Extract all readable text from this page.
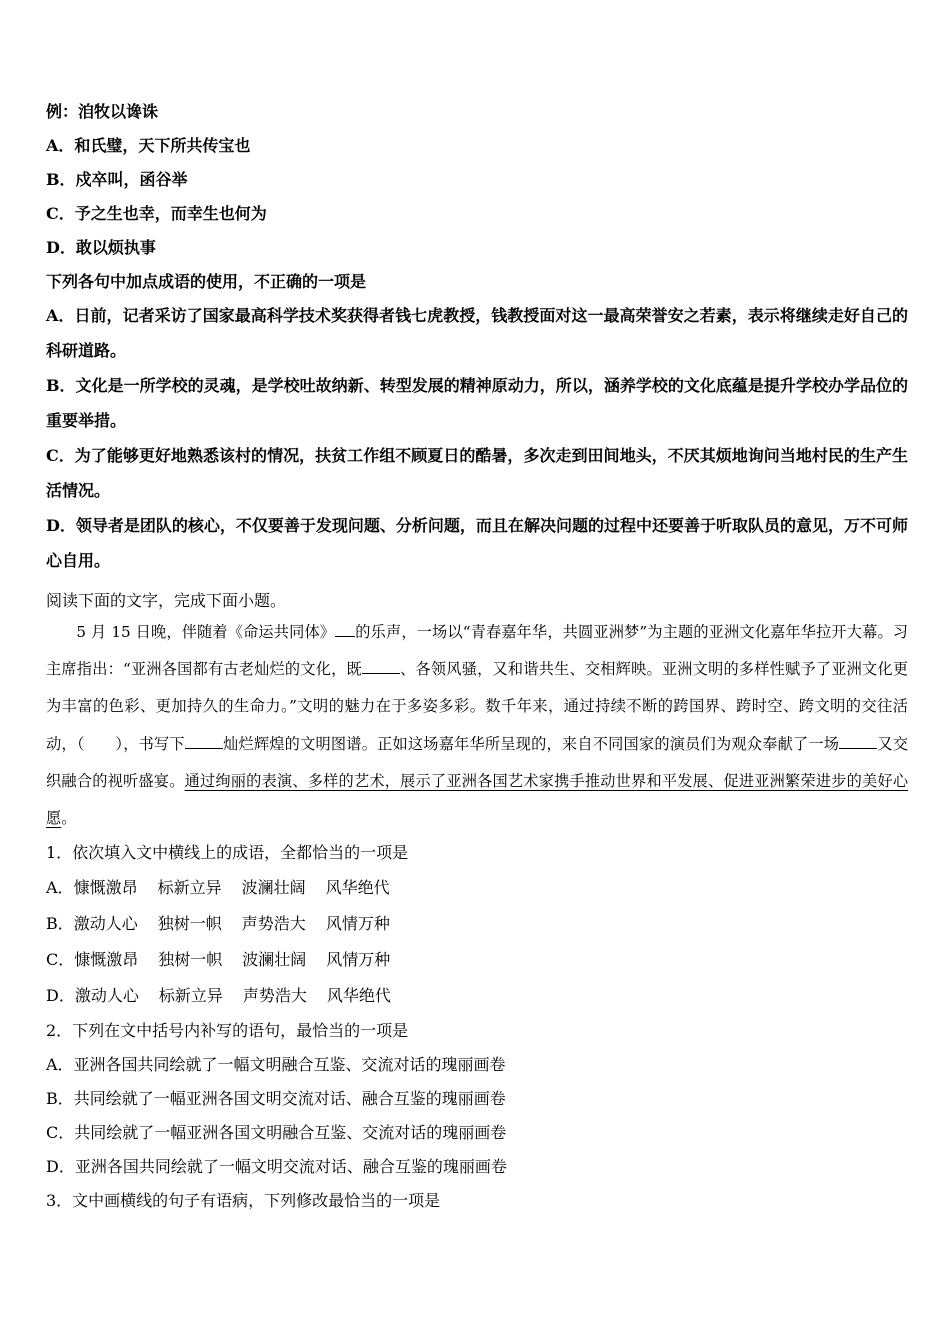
例：洎牧以谗诛
A．和氏璧，天下所共传宝也
B．戍卒叫，函谷举
C．予之生也幸，而幸生也何为
D．敢以烦执事
下列各句中加点成语的使用，不正确的一项是
A．日前，记者采访了国家最高科学技术奖获得者钱七虎教授，钱教授面对这一最高荣誉安之若素，表示将继续走好自己的科研道路。
B．文化是一所学校的灵魂，是学校吐故纳新、转型发展的精神原动力，所以，涵养学校的文化底蕴是提升学校办学品位的重要举措。
C．为了能够更好地熟悉该村的情况，扶贫工作组不顾夏日的酷暑，多次走到田间地头，不厌其烦地询问当地村民的生产生活情况。
D．领导者是团队的核心，不仅要善于发现问题、分析问题，而且在解决问题的过程中还要善于听取队员的意见，万不可师心自用。
阅读下面的文字，完成下面小题。
5 月 15 日晚，伴随着《命运共同体》 的乐声，一场以“青春嘉年华，共圆亚洲梦”为主题的亚洲文化嘉年华拉开大幕。习主席指出：“亚洲各国都有古老灿烂的文化，既	、各领风骚，又和谐共生、交相辉映。亚洲文明的多样性赋予了亚洲文化更为丰富的色彩、更加持久的生命力。”文明的魅力在于多姿多彩。数千年来，通过持续不断的跨国界、跨时空、跨文明的交往活动，（　　），书写下	灿烂辉煌的文明图谱。正如这场嘉年华所呈现的，来自不同国家的演员们为观众奉献了一场	又交织融合的视听盛宴。通过绚丽的表演、多样的艺术，展示了亚洲各国艺术家携手推动世界和平发展、促进亚洲繁荣进步的美好心愿。
1．依次填入文中横线上的成语，全都恰当的一项是
A．慷慨激昂 标新立异 波澜壮阔 风华绝代
B．激动人心 独树一帜 声势浩大 风情万种
C．慷慨激昂 独树一帜 波澜壮阔 风情万种
D．激动人心 标新立异 声势浩大 风华绝代
2．下列在文中括号内补写的语句，最恰当的一项是
A．亚洲各国共同绘就了一幅文明融合互鉴、交流对话的瑰丽画卷
B．共同绘就了一幅亚洲各国文明交流对话、融合互鉴的瑰丽画卷
C．共同绘就了一幅亚洲各国文明融合互鉴、交流对话的瑰丽画卷
D．亚洲各国共同绘就了一幅文明交流对话、融合互鉴的瑰丽画卷
3．文中画横线的句子有语病，下列修改最恰当的一项是
